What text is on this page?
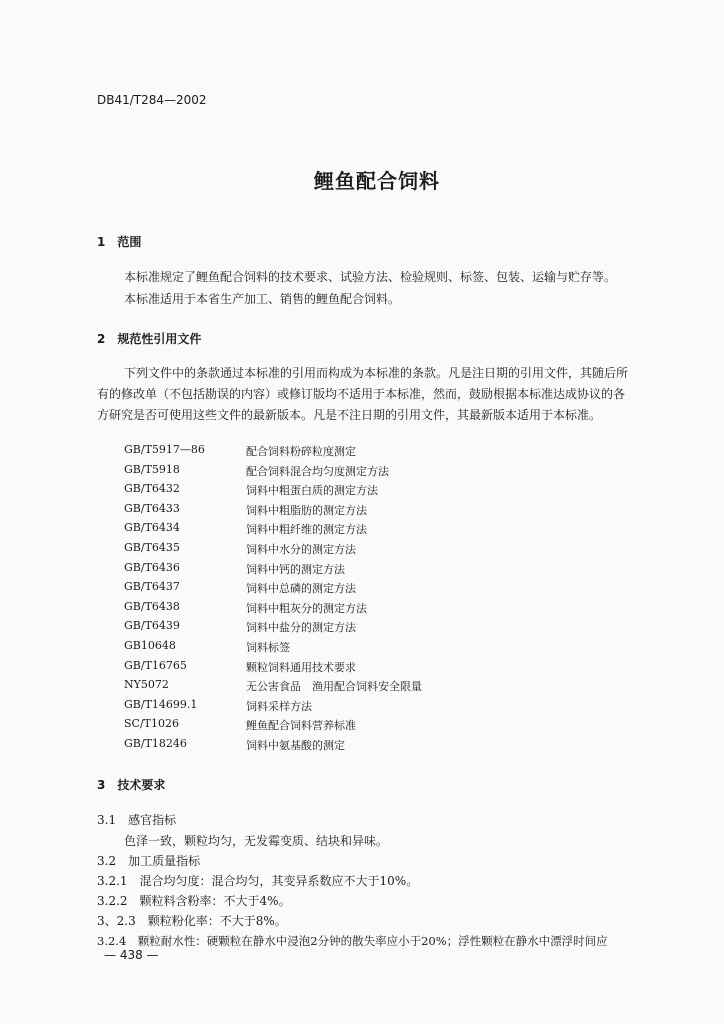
DB41/T284—2002
鲤鱼配合饲料
1　范围
本标准规定了鲤鱼配合饲料的技术要求、试验方法、检验规则、标签、包装、运输与贮存等。
本标准适用于本省生产加工、销售的鲤鱼配合饲料。
2　规范性引用文件
下列文件中的条款通过本标准的引用而构成为本标准的条款。凡是注日期的引用文件，其随后所
有的修改单（不包括勘误的内容）或修订版均不适用于本标准，然而，鼓励根据本标准达成协议的各
方研究是否可使用这些文件的最新版本。凡是不注日期的引用文件，其最新版本适用于本标准。
GB/T5917—86	配合饲料粉碎粒度测定
GB/T5918	配合饲料混合均匀度测定方法
GB/T6432	饲料中粗蛋白质的测定方法
GB/T6433	饲料中粗脂肪的测定方法
GB/T6434	饲料中粗纤维的测定方法
GB/T6435	饲料中水分的测定方法
GB/T6436	饲料中钙的测定方法
GB/T6437	饲料中总磷的测定方法
GB/T6438	饲料中粗灰分的测定方法
GB/T6439	饲料中盐分的测定方法
GB10648	饲料标签
GB/T16765	颗粒饲料通用技术要求
NY5072	无公害食品　渔用配合饲料安全限量
GB/T14699.1	饲料采样方法
SC/T1026	鲤鱼配合饲料营养标准
GB/T18246	饲料中氨基酸的测定
3　技术要求
3.1　感官指标
色泽一致，颗粒均匀，无发霉变质、结块和异味。
3.2　加工质量指标
3.2.1　混合均匀度：混合均匀，其变异系数应不大于10%。
3.2.2　颗粒料含粉率：不大于4%。
3、2.3　颗粒粉化率：不大于8%。
3.2.4　颗粒耐水性：硬颗粒在静水中浸泡2分钟的散失率应小于20%；浮性颗粒在静水中漂浮时间应
— 438 —
